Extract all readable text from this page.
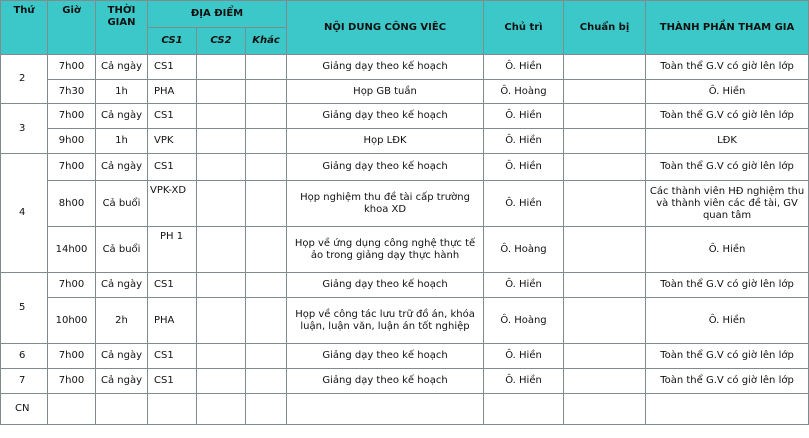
Thứ	Giờ	THỜI GIAN	ĐỊA ĐIỂM			NỘI DUNG CÔNG VIÊC	Chủ trì	Chuẩn bị	THÀNH PHẦN THAM GIA
			CS1	CS2	Khác				
2	7h00	Cả ngày	CS1			Giảng dạy theo kế hoạch	Ô. Hiền		Toàn thể G.V có giờ lên lớp
	7h30	1h	PHA			Họp GB tuần	Ô. Hoàng		Ô. Hiền
3	7h00	Cả ngày	CS1			Giảng dạy theo kế hoạch	Ô. Hiền		Toàn thể G.V có giờ lên lớp
	9h00	1h	VPK			Họp LĐK	Ô. Hiền		LĐK
4	7h00	Cả ngày	CS1			Giảng dạy theo kế hoạch	Ô. Hiền		Toàn thể G.V có giờ lên lớp
	8h00	Cả buổi	VPK-XD			Họp nghiệm thu đề tài cấp trường khoa XD	Ô. Hiền		Các thành viên HĐ nghiệm thu và thành viên các đề tài, GV quan tâm
	14h00	Cả buổi	PH 1			Họp về ứng dụng công nghệ thực tế ảo trong giảng dạy thực hành	Ô. Hoàng		Ô. Hiền
5	7h00	Cả ngày	CS1			Giảng dạy theo kế hoạch	Ô. Hiền		Toàn thể G.V có giờ lên lớp
	10h00	2h	PHA			Họp về công tác lưu trữ đồ án, khóa luận, luận văn, luận án tốt nghiệp	Ô. Hoàng		Ô. Hiền
6	7h00	Cả ngày	CS1			Giảng dạy theo kế hoạch	Ô. Hiền		Toàn thể G.V có giờ lên lớp
7	7h00	Cả ngày	CS1			Giảng dạy theo kế hoạch	Ô. Hiền		Toàn thể G.V có giờ lên lớp
CN									
